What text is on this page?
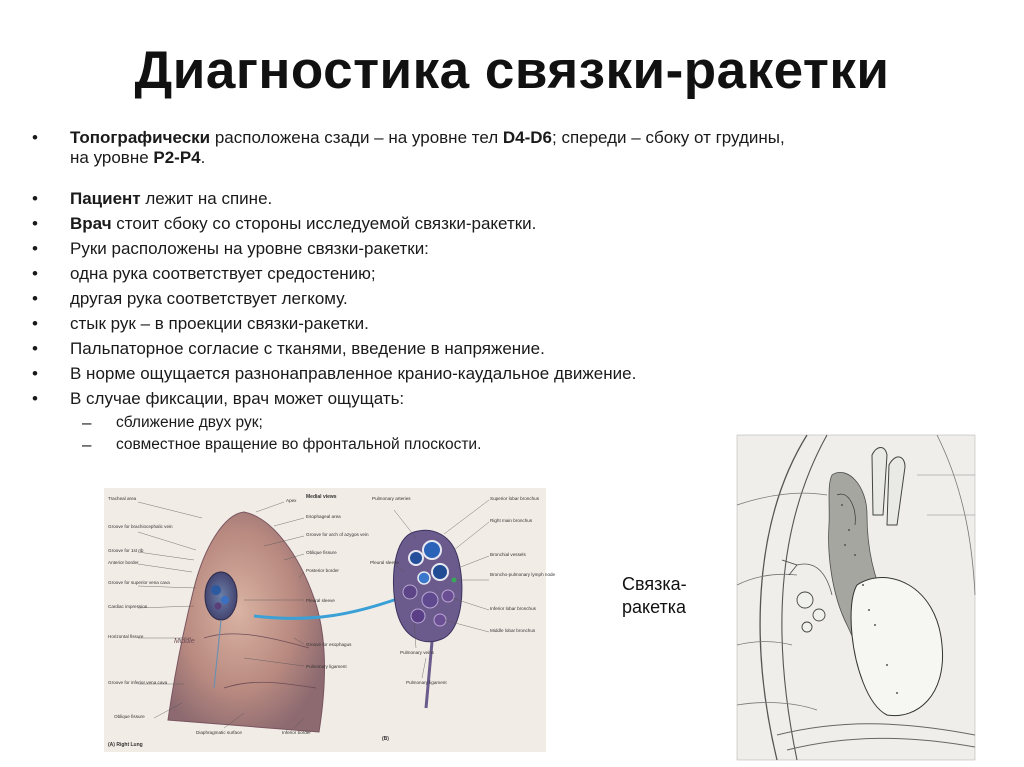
Диагностика связки-ракетки
• Топографически расположена сзади – на уровне тел D4-D6; спереди – сбоку от грудины,
на уровне Р2-Р4.
• Пациент лежит на спине.
• Врач стоит сбоку со стороны исследуемой связки-ракетки.
• Руки расположены на уровне связки-ракетки:
• одна рука соответствует средостению;
• другая рука соответствует легкому.
• стык рук – в проекции связки-ракетки.
• Пальпаторное согласие с тканями, введение в напряжение.
• В норме ощущается разнонаправленное кранио-каудальное движение.
• В случае фиксации, врач может ощущать:
– сближение двух рук;
– совместное вращение во фронтальной плоскости.
Middle
Medial views
Tracheal area
Groove for brachiocephalic vein
Groove for 1st rib
Anterior border
Groove for superior vena cava
Cardiac impression
Horizontal fissure
Groove for inferior vena cava
Oblique fissure
Apex
Esophageal area
Groove for arch of azygos vein
Oblique fissure
Posterior border
Pleural sleeve
Groove for esophagus
Pulmonary ligament
Diaphragmatic surface	Inferior border
Pulmonary arteries	Superior lobar bronchus
Right main bronchus
Bronchial vessels
Broncho-pulmonary lymph node
Inferior lobar bronchus
Middle lobar bronchus
Pulmonary veins
Pulmonary ligament
Pleural sleeve
(A) Right Lung
(B)
Связка-
ракетка
